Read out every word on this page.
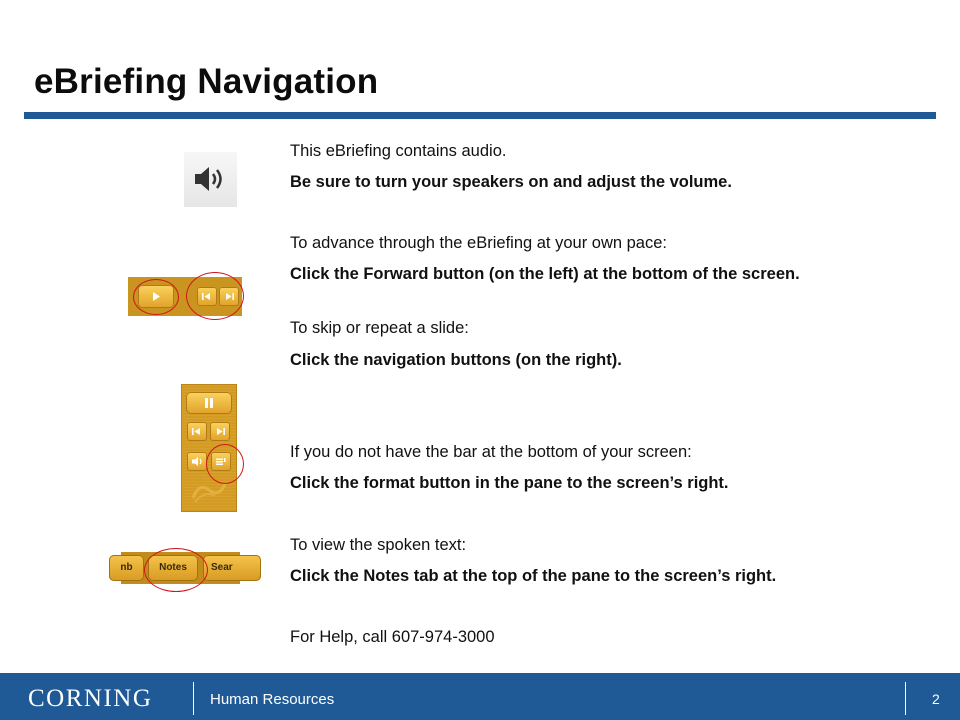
eBriefing Navigation
nb	Notes	Sear
This eBriefing contains audio.
Be sure to turn your speakers on and adjust the volume.
To advance through the eBriefing at your own pace:
Click the Forward button (on the left) at the bottom of the screen.
To skip or repeat a slide:
Click the navigation buttons (on the right).
If you do not have the bar at the bottom of your screen:
Click the format button in the pane to the screen’s right.
To view the spoken text:
Click the Notes tab at the top of the pane to the screen’s right.
For Help, call 607-974-3000
CORNING	Human Resources	2
